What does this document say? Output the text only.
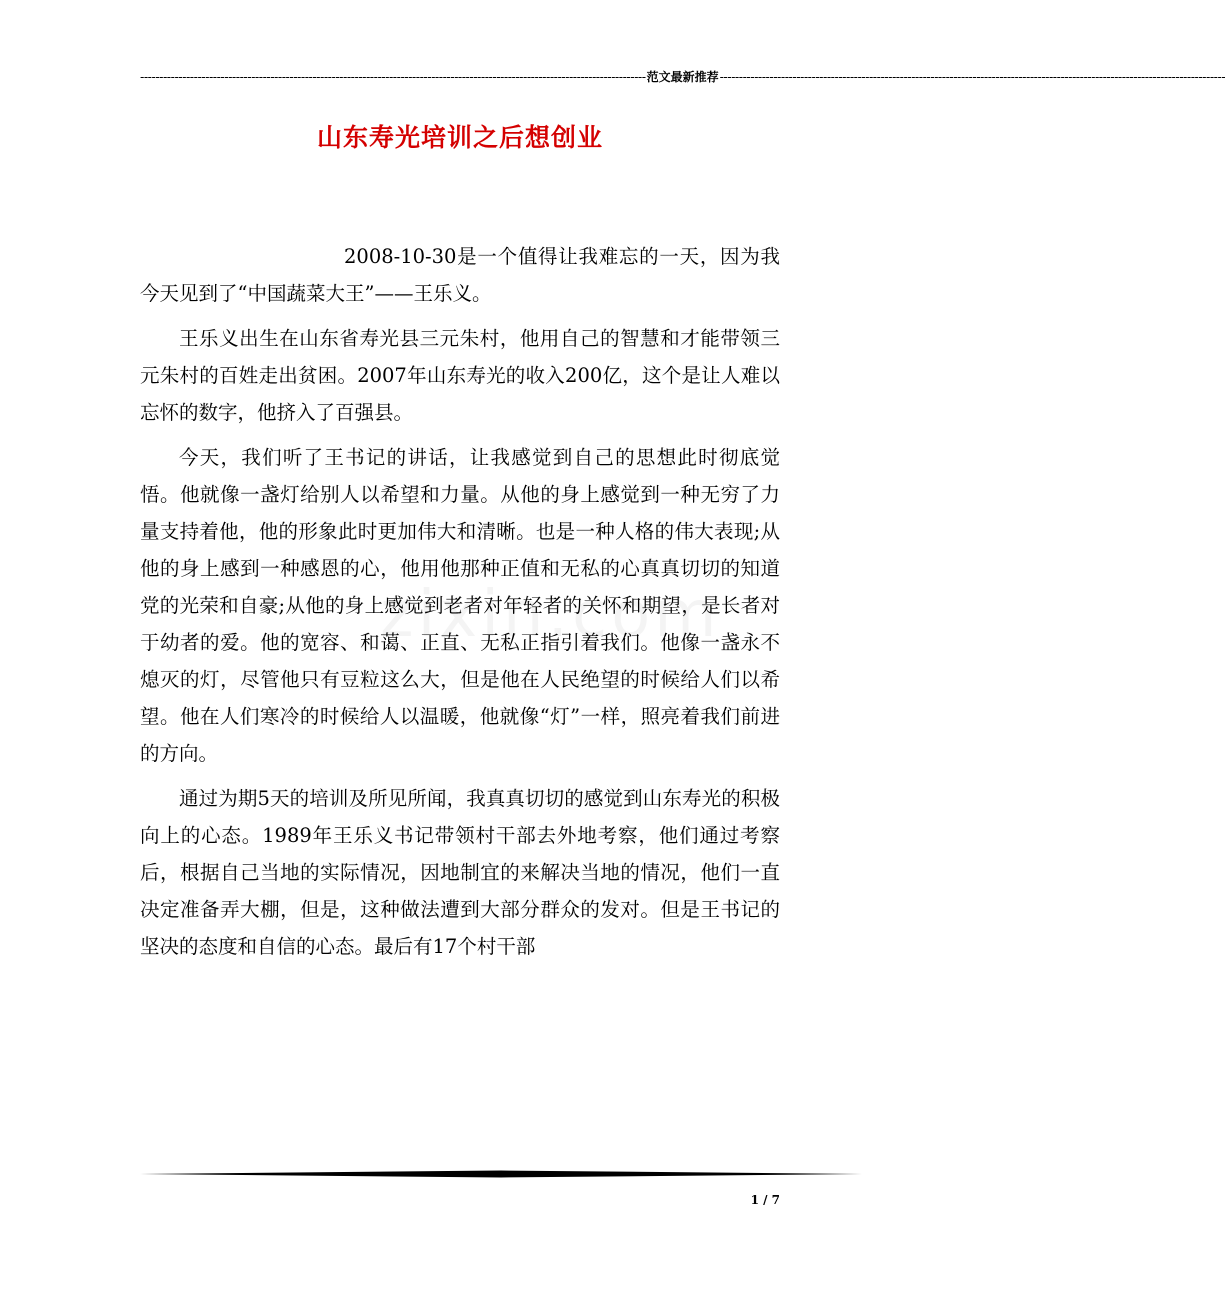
------------------------------------------------------------------------------------------------------------------------------------ 范文最新推荐 ------------------------------------------------------------------------------------------------------------------------------------
山东寿光培训之后想创业

2008-10-30是一个值得让我难忘的一天，因为我今天见到了“中国蔬菜大王”——王乐义。

王乐义出生在山东省寿光县三元朱村，他用自己的智慧和才能带领三元朱村的百姓走出贫困。2007年山东寿光的收入200亿，这个是让人难以忘怀的数字，他挤入了百强县。

今天，我们听了王书记的讲话，让我感觉到自己的思想此时彻底觉悟。他就像一盏灯给别人以希望和力量。从他的身上感觉到一种无穷了力量支持着他，他的形象此时更加伟大和清晰。也是一种人格的伟大表现;从他的身上感到一种感恩的心，他用他那种正值和无私的心真真切切的知道党的光荣和自豪;从他的身上感觉到老者对年轻者的关怀和期望，是长者对于幼者的爱。他的宽容、和蔼、正直、无私正指引着我们。他像一盏永不熄灭的灯，尽管他只有豆粒这么大，但是他在人民绝望的时候给人们以希望。他在人们寒冷的时候给人以温暖，他就像“灯”一样，照亮着我们前进的方向。

通过为期5天的培训及所见所闻，我真真切切的感觉到山东寿光的积极向上的心态。1989年王乐义书记带领村干部去外地考察，他们通过考察后，根据自己当地的实际情况，因地制宜的来解决当地的情况，他们一直决定准备弄大棚，但是，这种做法遭到大部分群众的发对。但是王书记的坚决的态度和自信的心态。最后有17个村干部

1 / 7
